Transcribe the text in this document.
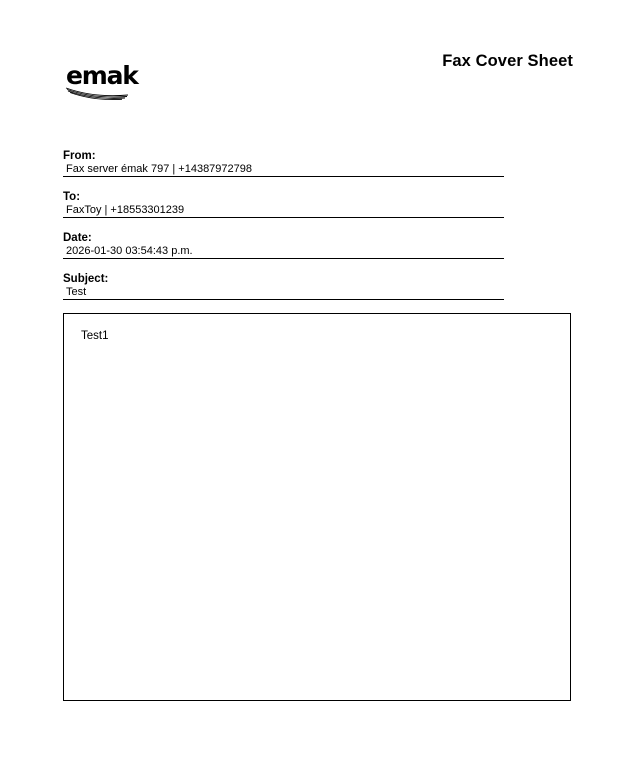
Fax Cover Sheet
emak
From:
Fax server émak 797 | +14387972798
To:
FaxToy | +18553301239
Date:
2026-01-30 03:54:43 p.m.
Subject:
Test
Test1
